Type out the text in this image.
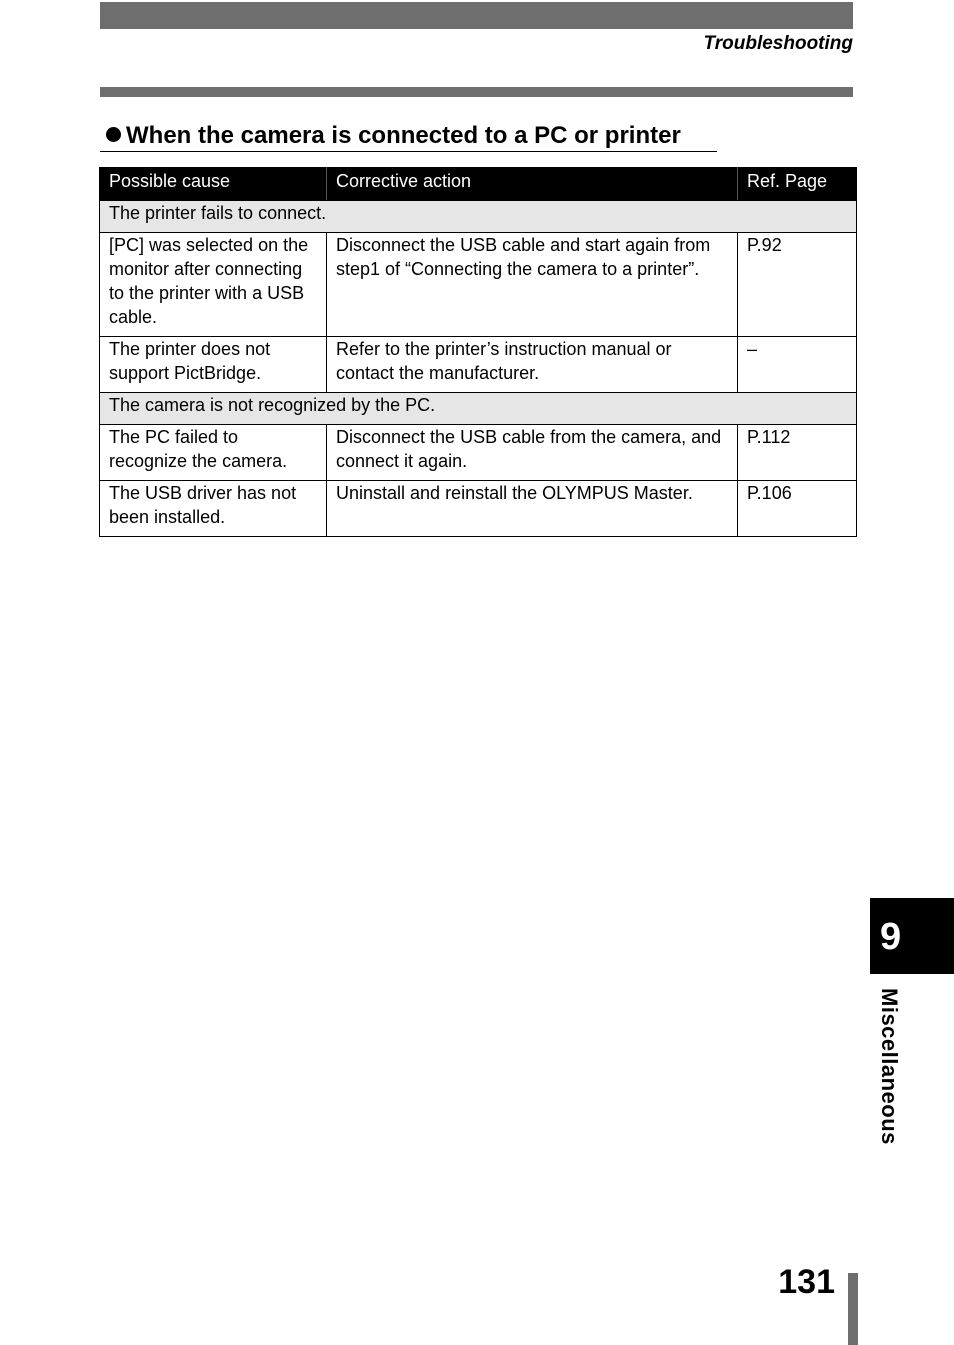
Troubleshooting
When the camera is connected to a PC or printer
Possible cause	Corrective action	Ref. Page
The printer fails to connect.		
[PC] was selected on the monitor after connecting to the printer with a USB cable.	Disconnect the USB cable and start again from step1 of “Connecting the camera to a printer”.	P.92
The printer does not support PictBridge.	Refer to the printer’s instruction manual or contact the manufacturer.	–
The camera is not recognized by the PC.		
The PC failed to recognize the camera.	Disconnect the USB cable from the camera, and connect it again.	P.112
The USB driver has not been installed.	Uninstall and reinstall the OLYMPUS Master.	P.106
9
Miscellaneous
131
